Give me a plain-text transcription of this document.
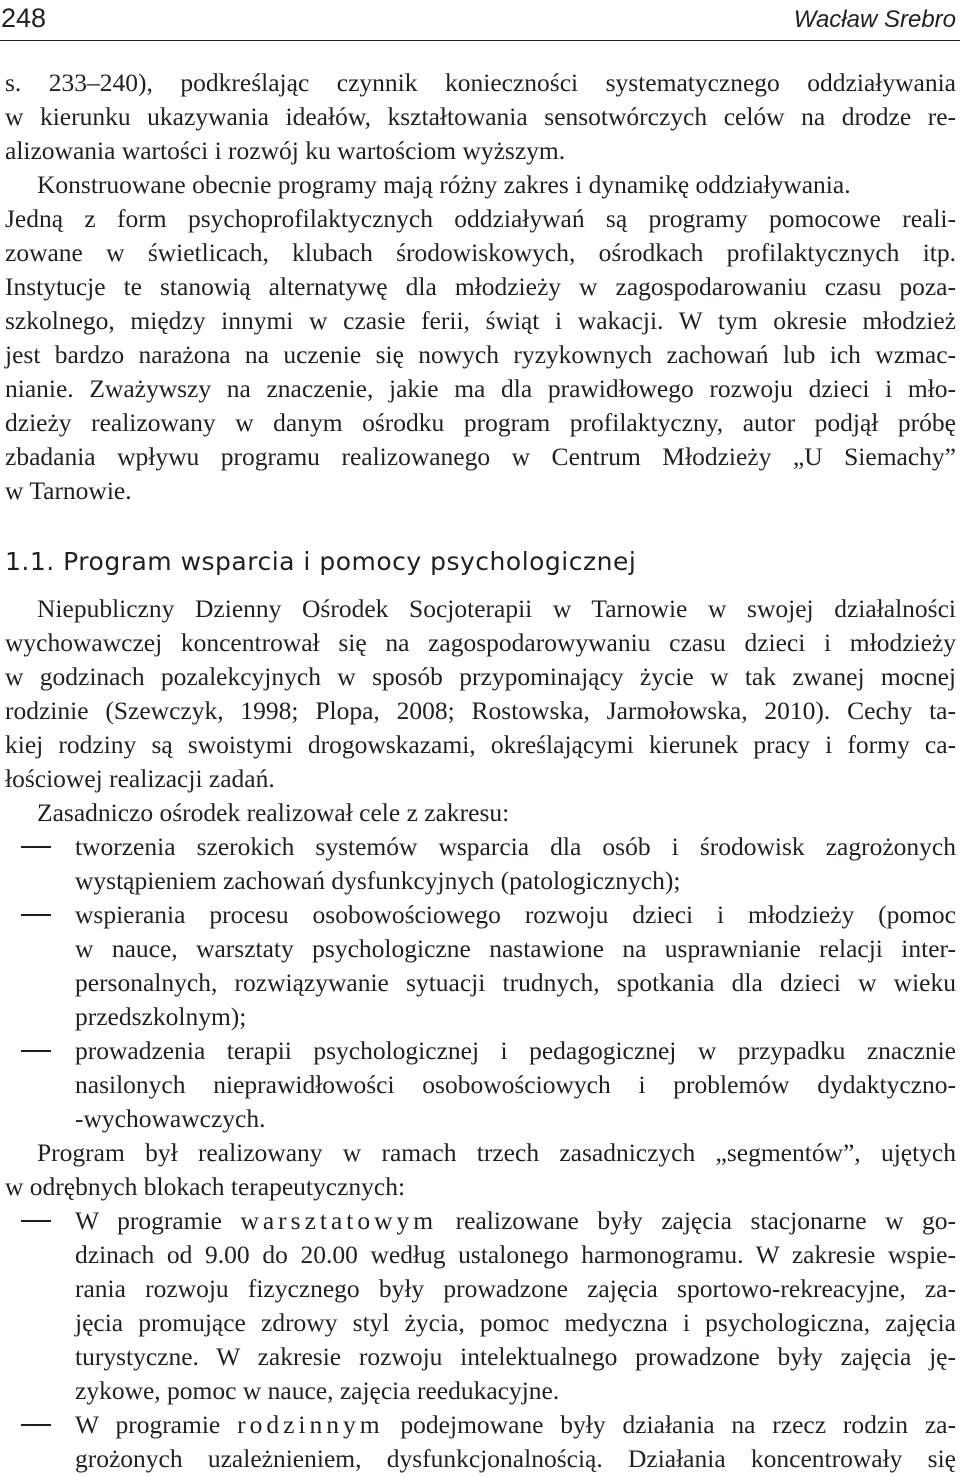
248	Wacław Srebro
s. 233–240), podkreślając czynnik konieczności systematycznego oddziaływania
w kierunku ukazywania ideałów, kształtowania sensotwórczych celów na drodze re-
alizowania wartości i rozwój ku wartościom wyższym.
Konstruowane obecnie programy mają różny zakres i dynamikę oddziaływania.
Jedną z form psychoprofilaktycznych oddziaływań są programy pomocowe reali-
zowane w świetlicach, klubach środowiskowych, ośrodkach profilaktycznych itp.
Instytucje te stanowią alternatywę dla młodzieży w zagospodarowaniu czasu poza-
szkolnego, między innymi w czasie ferii, świąt i wakacji. W tym okresie młodzież
jest bardzo narażona na uczenie się nowych ryzykownych zachowań lub ich wzmac-
nianie. Zważywszy na znaczenie, jakie ma dla prawidłowego rozwoju dzieci i mło-
dzieży realizowany w danym ośrodku program profilaktyczny, autor podjął próbę
zbadania wpływu programu realizowanego w Centrum Młodzieży „U Siemachy”
w Tarnowie.
1.1. Program wsparcia i pomocy psychologicznej
Niepubliczny Dzienny Ośrodek Socjoterapii w Tarnowie w swojej działalności
wychowawczej koncentrował się na zagospodarowywaniu czasu dzieci i młodzieży
w godzinach pozalekcyjnych w sposób przypominający życie w tak zwanej mocnej
rodzinie (Szewczyk, 1998; Plopa, 2008; Rostowska, Jarmołowska, 2010). Cechy ta-
kiej rodziny są swoistymi drogowskazami, określającymi kierunek pracy i formy ca-
łościowej realizacji zadań.
Zasadniczo ośrodek realizował cele z zakresu:
tworzenia szerokich systemów wsparcia dla osób i środowisk zagrożonych
wystąpieniem zachowań dysfunkcyjnych (patologicznych);
wspierania procesu osobowościowego rozwoju dzieci i młodzieży (pomoc
w nauce, warsztaty psychologiczne nastawione na usprawnianie relacji inter-
personalnych, rozwiązywanie sytuacji trudnych, spotkania dla dzieci w wieku
przedszkolnym);
prowadzenia terapii psychologicznej i pedagogicznej w przypadku znacznie
nasilonych nieprawidłowości osobowościowych i problemów dydaktyczno-
-wychowawczych.
Program był realizowany w ramach trzech zasadniczych „segmentów”, ujętych
w odrębnych blokach terapeutycznych:
W programie warsztatowym realizowane były zajęcia stacjonarne w go-
dzinach od 9.00 do 20.00 według ustalonego harmonogramu. W zakresie wspie-
rania rozwoju fizycznego były prowadzone zajęcia sportowo-rekreacyjne, za-
jęcia promujące zdrowy styl życia, pomoc medyczna i psychologiczna, zajęcia
turystyczne. W zakresie rozwoju intelektualnego prowadzone były zajęcia ję-
zykowe, pomoc w nauce, zajęcia reedukacyjne.
W programie rodzinnym podejmowane były działania na rzecz rodzin za-
grożonych uzależnieniem, dysfunkcjonalnością. Działania koncentrowały się
